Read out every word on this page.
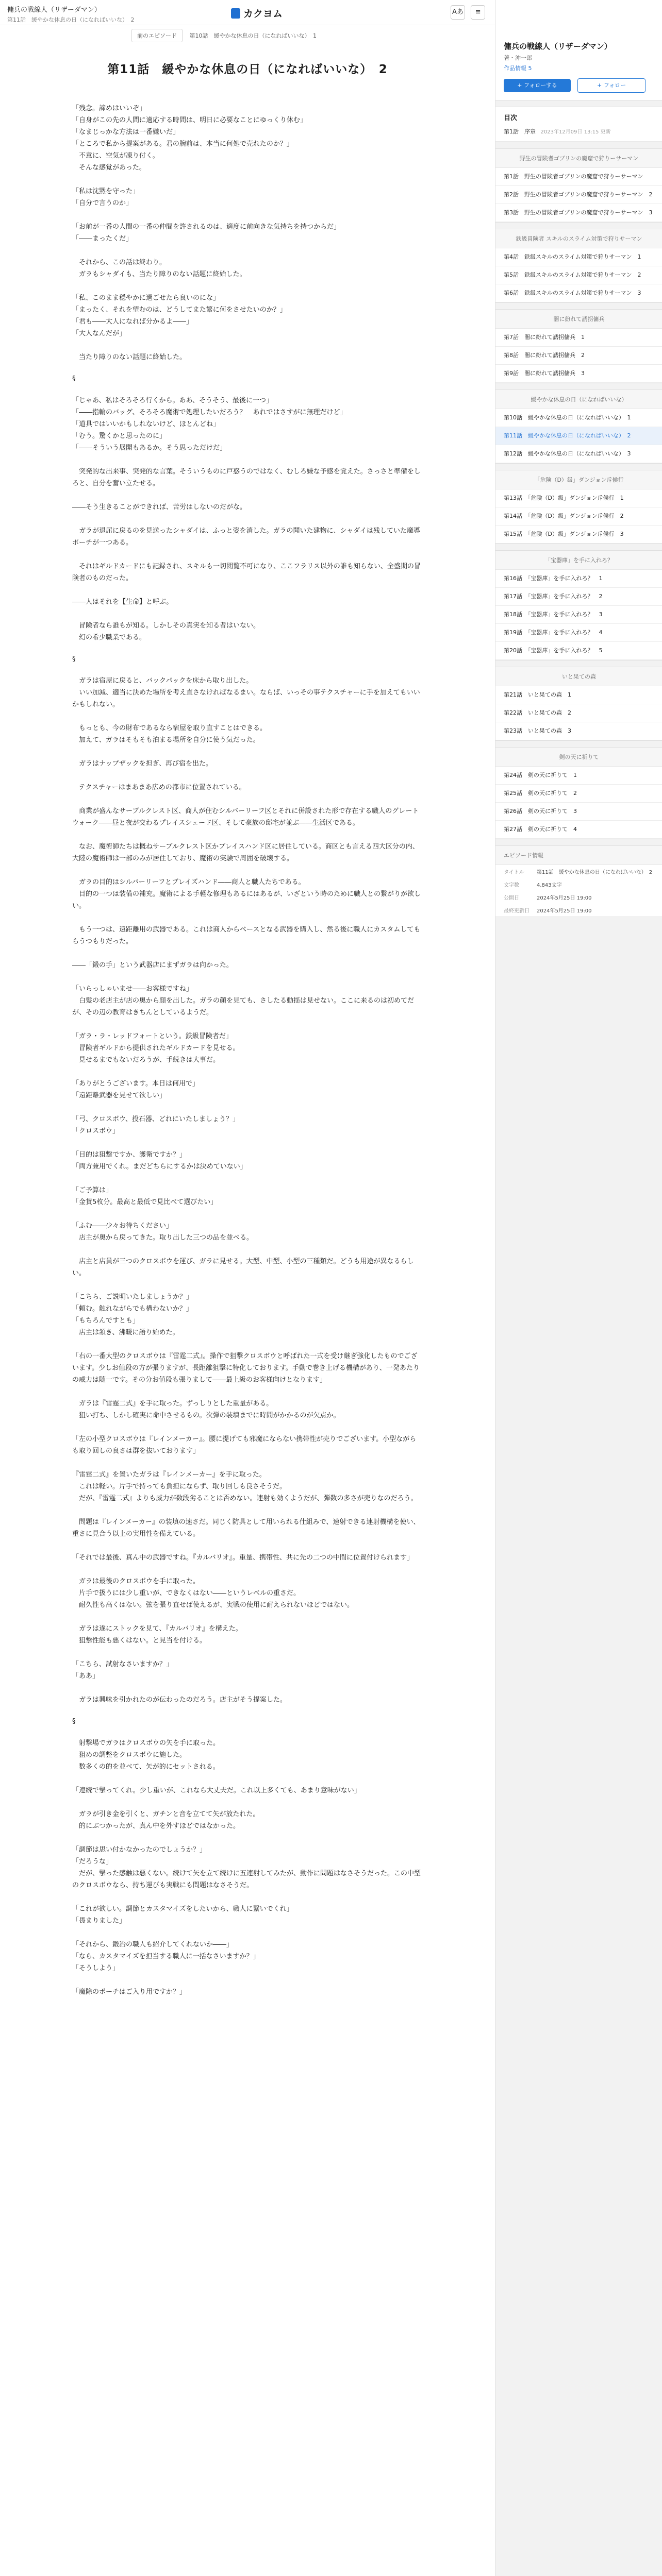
傭兵の戦線人（リザーダマン）
第11話　緩やかな休息の日（になればいいな）　2
カクヨム	Aあ ≡
前のエピソード 第10話　緩やかな休息の日（になればいいな）　1
第11話　緩やかな休息の日（になればいいな）　2
「残念。諦めはいいぞ」
「自身がこの先の人間に適応する時間は、明日に必要なことにゆっくり休む」
「なまじっかな方法は一番嫌いだ」
「ところで私から提案がある。君の腕前は、本当に何処で売れたのか？」
　不意に、空気が凍り付く。
　そんな感覚があった。
「私は沈黙を守った」
「自分で言うのか」
「お前が一番の人間の一番の仲間を許されるのは、適度に前向きな気持ちを持つからだ」
「――まったくだ」
　それから、この話は終わり。
　ガラもシャダイも、当たり障りのない話題に終始した。
「私、このまま穏やかに過ごせたら良いのにな」
「まったく、それを望むのは、どうしてまた繁に何をさせたいのか？」
「君も――大人になれば分かるよ――」
「大人なんだが」
　当たり障りのない話題に終始した。
§
「じゃあ、私はそろそろ行くから。ああ、そうそう、最後に一つ」
「――指輪のバッグ、そろそろ魔術で処理したいだろう？　あれではさすがに無理だけど」
「道具ではいいかもしれないけど、ほとんどね」
「むう。驚くかと思ったのに」
「――そういう展開もあるか。そう思っただけだ」
　突発的な出来事、突発的な言葉。そういうものに戸惑うのではなく、むしろ嫌な予感を覚えた。さっさと準備をしろと、自分を奮い立たせる。
――そう生きることができれば、苦労はしないのだがな。
　ガラが退屈に戻るのを見送ったシャダイは、ふっと姿を消した。ガラの聞いた建物に、シャダイは残していた魔導ポーチが一つある。
　それはギルドカードにも記録され、スキルも一切閲覧不可になり、ここフラリス以外の誰も知らない、全盛期の冒険者のものだった。
――人はそれを【生命】と呼ぶ。
　冒険者なら誰もが知る。しかしその真実を知る者はいない。
　幻の希少職業である。
§
　ガラは宿屋に戻ると、バックパックを床から取り出した。
　いい加減、適当に決めた場所を考え直さなければなるまい。ならば、いっその事テクスチャーに手を加えてもいいかもしれない。
　もっとも、今の財布であるなら宿屋を取り直すことはできる。
　加えて、ガラはそもそも泊まる場所を自分に使う気だった。
　ガラはナップザックを担ぎ、再び宿を出た。
　テクスチャーはまあまあ広めの都市に位置されている。
　商業が盛んなサーブルクレスト区、商人が住むシルバーリーフ区とそれに併設された形で存在する職人のグレートウォーク――昼と夜が交わるプレイスシェード区、そして豪族の邸宅が並ぶ――生活区である。
　なお、魔術師たちは概ねサーブルクレスト区かブレイスハンド区に居住している。商区とも言える四大区分の内、大陸の魔術師は一部のみが居住しており、魔術の実験で周囲を破壊する。
　ガラの目的はシルバーリーフとブレイズハンド――商人と職人たちである。
　目的の一つは装備の補充。魔術による手軽な修理もあるにはあるが、いざという時のために職人との繋がりが欲しい。
　もう一つは、遠距離用の武器である。これは商人からベースとなる武器を購入し、然る後に職人にカスタムしてもらうつもりだった。
――「鍛の手」という武器店にまずガラは向かった。
「いらっしゃいませ――お客様ですね」
　白髪の老店主が店の奥から顔を出した。ガラの顔を見ても、さしたる動揺は見せない。ここに来るのは初めてだが、その辺の教育はきちんとしているようだ。
「ガラ・ラ・レッドフォートという。鉄級冒険者だ」
　冒険者ギルドから提供されたギルドカードを見せる。
　見せるまでもないだろうが、手続きは大事だ。
「ありがとうございます。本日は何用で」
「遠距離武器を見せて欲しい」
「弓、クロスボウ、投石器、どれにいたしましょう？」
「クロスボウ」
「目的は狙撃ですか、護衛ですか？」
「両方兼用でくれ。まだどちらにするかは決めていない」
「ご予算は」
「金貨5枚分。最高と最低で見比べて選びたい」
「ふむ――少々お待ちください」
　店主が奥から戻ってきた。取り出した三つの品を並べる。
　店主と店員が三つのクロスボウを運び、ガラに見せる。大型、中型、小型の三種類だ。どうも用途が異なるらしい。
「こちら、ご説明いたしましょうか？」
「頼む。触れながらでも構わないか？」
「もちろんですとも」
　店主は頷き、沸暖に語り始めた。
「右の一番大型のクロスボウは『雷霆二式』。操作で狙撃クロスボウと呼ばれた一式を受け継ぎ強化したものでございます。少しお値段の方が張りますが、長距離狙撃に特化しております。手動で巻き上げる機構があり、一発あたりの威力は随一です。その分お値段も張りまして――最上級のお客様向けとなります」
　ガラは『雷霆二式』を手に取った。ずっしりとした重量がある。
　狙い打ち、しかし確実に命中させるもの。次弾の装填までに時間がかかるのが欠点か。
「左の小型クロスボウは『レインメーカー』。腰に提げても邪魔にならない携帯性が売りでございます。小型ながらも取り回しの良さは群を抜いております」
『雷霆二式』を置いたガラは『レインメーカー』を手に取った。
　これは軽い。片手で持っても負担にならず、取り回しも良さそうだ。
　だが、『雷霆二式』よりも威力が数段劣ることは否めない。連射も効くようだが、弾数の多さが売りなのだろう。
　問題は『レインメーカー』の装填の速さだ。同じく防具として用いられる仕組みで、速射できる連射機構を使い、重さに見合う以上の実用性を備えている。
「それでは最後、真ん中の武器ですね。『カルバリオ』。重量、携帯性、共に先の二つの中間に位置付けられます」
　ガラは最後のクロスボウを手に取った。
　片手で扱うには少し重いが、できなくはない――というレベルの重さだ。
　耐久性も高くはない。弦を張り直せば使えるが、実戦の使用に耐えられないほどではない。
　ガラは遂にストックを見て、『カルバリオ』を構えた。
　狙撃性能も悪くはない。と見当を付ける。
「こちら、試射なさいますか？」
「ああ」
　ガラは興味を引かれたのが伝わったのだろう。店主がそう提案した。
§
　射撃場でガラはクロスボウの矢を手に取った。
　狙めの調整をクロスボウに施した。
　数多くの的を並べて、矢が的にセットされる。
「連続で撃ってくれ。少し重いが、これなら大丈夫だ。これ以上多くても、あまり意味がない」
　ガラが引き金を引くと、ガチンと音を立てて矢が放たれた。
　的にぶつかったが、真ん中を外すほどではなかった。
「調節は思い付かなかったのでしょうか？」
「だろうな」
　だが、撃った感触は悪くない。続けて矢を立て続けに五連射してみたが、動作に問題はなさそうだった。この中型のクロスボウなら、持ち運びも実戦にも問題はなさそうだ。
「これが欲しい。調節とカスタマイズをしたいから、職人に繋いでくれ」
「畏まりました」
「それから、鍛冶の職人も紹介してくれないか――」
「なら、カスタマイズを担当する職人に一括なさいますか？」
「そうしよう」
「魔除のポーチはご入り用ですか？」
傭兵の戦線人（リザーダマン）
著・沖一郎
作品情報 5
+ フォローする	+ フォロー
目次
第1話　序章 2023年12月09日 13:15 更新
野生の冒険者ゴブリンの魔窟で狩りーサーマン
第1話　野生の冒険者ゴブリンの魔窟で狩りーサーマン
第2話　野生の冒険者ゴブリンの魔窟で狩りーサーマン　2
第3話　野生の冒険者ゴブリンの魔窟で狩りーサーマン　3
鉄級冒険者 スキルのスライム対策で狩りサーマン
第4話　鉄級スキルのスライム対策で狩りサーマン　1
第5話　鉄級スキルのスライム対策で狩りサーマン　2
第6話　鉄級スキルのスライム対策で狩りサーマン　3
闇に紛れて誘拐傭兵
第7話　闇に紛れて誘拐傭兵　1
第8話　闇に紛れて誘拐傭兵　2
第9話　闇に紛れて誘拐傭兵　3
緩やかな休息の日（になればいいな）
第10話　緩やかな休息の日（になればいいな）　1
第11話　緩やかな休息の日（になればいいな）　2
第12話　緩やかな休息の日（になればいいな）　3
「危険（D）級」ダンジョン斥候行
第13話　「危険（D）級」ダンジョン斥候行　1
第14話　「危険（D）級」ダンジョン斥候行　2
第15話　「危険（D）級」ダンジョン斥候行　3
「宝器庫」を手に入れろ？
第16話　「宝器庫」を手に入れろ？　1
第17話　「宝器庫」を手に入れろ？　2
第18話　「宝器庫」を手に入れろ？　3
第19話　「宝器庫」を手に入れろ？　4
第20話　「宝器庫」を手に入れろ？　5
いと果ての森
第21話　いと果ての森　1
第22話　いと果ての森　2
第23話　いと果ての森　3
剣の天に祈りて
第24話　剣の天に祈りて　1
第25話　剣の天に祈りて　2
第26話　剣の天に祈りて　3
第27話　剣の天に祈りて　4
エピソード情報
タイトル 第11話　緩やかな休息の日（になればいいな）　2
文字数	4,843文字
公開日	2024年5月25日 19:00
最終更新日 2024年5月25日 19:00
